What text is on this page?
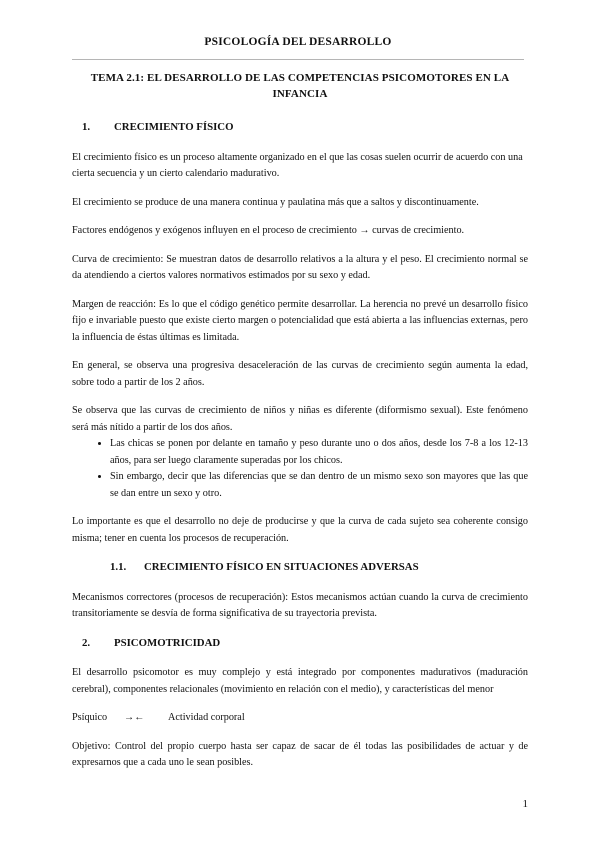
PSICOLOGÍA DEL DESARROLLO
TEMA 2.1: EL DESARROLLO DE LAS COMPETENCIAS PSICOMOTORES EN LA INFANCIA
1.	CRECIMIENTO FÍSICO

El crecimiento físico es un proceso altamente organizado en el que las cosas suelen ocurrir de acuerdo con una cierta secuencia y un cierto calendario madurativo.

El crecimiento se produce de una manera continua y paulatina más que a saltos y discontinuamente.

Factores endógenos y exógenos influyen en el proceso de crecimiento → curvas de crecimiento.

Curva de crecimiento: Se muestran datos de desarrollo relativos a la altura y el peso. El crecimiento normal se da atendiendo a ciertos valores normativos estimados por su sexo y edad.

Margen de reacción: Es lo que el código genético permite desarrollar. La herencia no prevé un desarrollo físico fijo e invariable puesto que existe cierto margen o potencialidad que está abierta a las influencias externas, pero la influencia de éstas últimas es limitada.

En general, se observa una progresiva desaceleración de las curvas de crecimiento según aumenta la edad, sobre todo a partir de los 2 años.

Se observa que las curvas de crecimiento de niños y niñas es diferente (diformismo sexual). Este fenómeno será más nítido a partir de los dos años.

• Las chicas se ponen por delante en tamaño y peso durante uno o dos años, desde los 7-8 a los 12-13 años, para ser luego claramente superadas por los chicos.
• Sin embargo, decir que las diferencias que se dan dentro de un mismo sexo son mayores que las que se dan entre un sexo y otro.

Lo importante es que el desarrollo no deje de producirse y que la curva de cada sujeto sea coherente consigo misma; tener en cuenta los procesos de recuperación.

1.1.	CRECIMIENTO FÍSICO EN SITUACIONES ADVERSAS

Mecanismos correctores (procesos de recuperación): Estos mecanismos actúan cuando la curva de crecimiento transitoriamente se desvía de forma significativa de su trayectoria prevista.

2.	PSICOMOTRICIDAD

El desarrollo psicomotor es muy complejo y está integrado por componentes madurativos (maduración cerebral), componentes relacionales (movimiento en relación con el medio), y características del menor

Psíquico	→←	Actividad corporal

Objetivo: Control del propio cuerpo hasta ser capaz de sacar de él todas las posibilidades de actuar y de expresarnos que a cada uno le sean posibles.

1
